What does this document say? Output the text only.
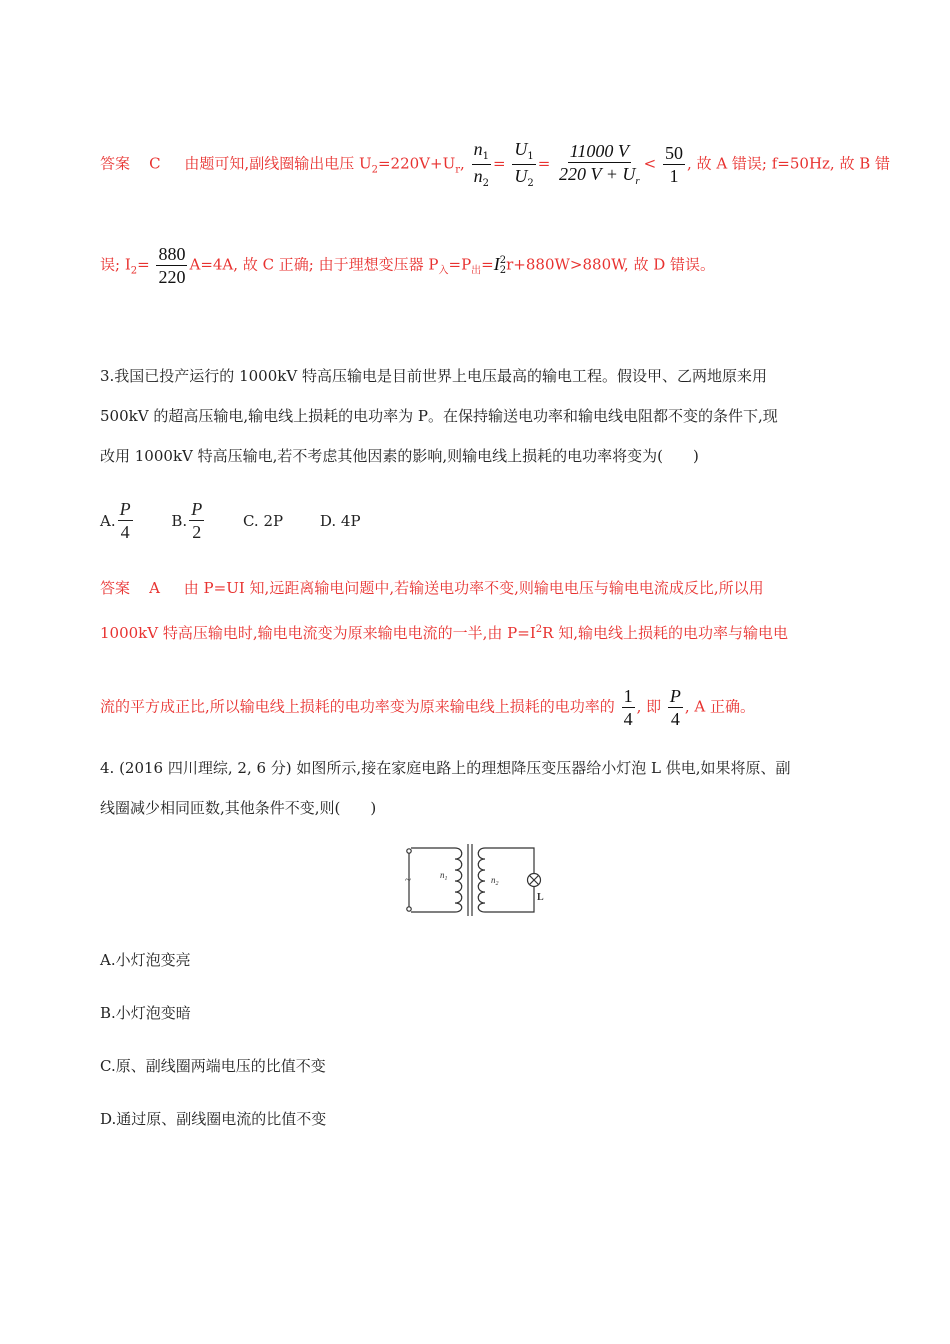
答案 C 由题可知,副线圈输出电压 $U_2=220V+U_r$, $\frac{n_1}{n_2} = \frac{U_1}{U_2} = \frac{11000 V}{220 V + U_r} < \frac{50}{1}$ , 故 A 错误; f=50Hz, 故 B 错
误; $I_2= \frac{880}{220} A=4A$, 故 C 正确; 由于理想变压器 $P_入=P_出=I$ 2
2 r+880W>880W, 故 D 错误。
3.我国已投产运行的 1000kV 特高压输电是目前世界上电压最高的输电工程。假设甲、乙两地原来用
500kV 的超高压输电,输电线上损耗的电功率为 P。在保持输送电功率和输电线电阻都不变的条件下,现
改用 1000kV 特高压输电,若不考虑其他因素的影响,则输电线上损耗的电功率将变为(　　)
A. $\frac{P}{4}$
	B. $\frac{P}{2}$	C. 2P D. 4P
答案 A 由 P=UI 知,远距离输电问题中,若输送电功率不变,则输电电压与输电电流成反比,所以用
1000kV 特高压输电时,输电电流变为原来输电电流的一半,由 $P=I^2R$ 知,输电线上损耗的电功率与输电电
流的平方成正比,所以输电线上损耗的电功率变为原来输电线上损耗的电功率的 $\frac{1}{4}$ , 即 $\frac{P}{4}$ , A 正确。
4. (2016 四川理综, 2, 6 分) 如图所示,接在家庭电路上的理想降压变压器给小灯泡 L 供电,如果将原、副
线圈减少相同匝数,其他条件不变,则(　　)
~	$n_1$	$n_2$
L
A.小灯泡变亮
B.小灯泡变暗
C.原、副线圈两端电压的比值不变
D.通过原、副线圈电流的比值不变
